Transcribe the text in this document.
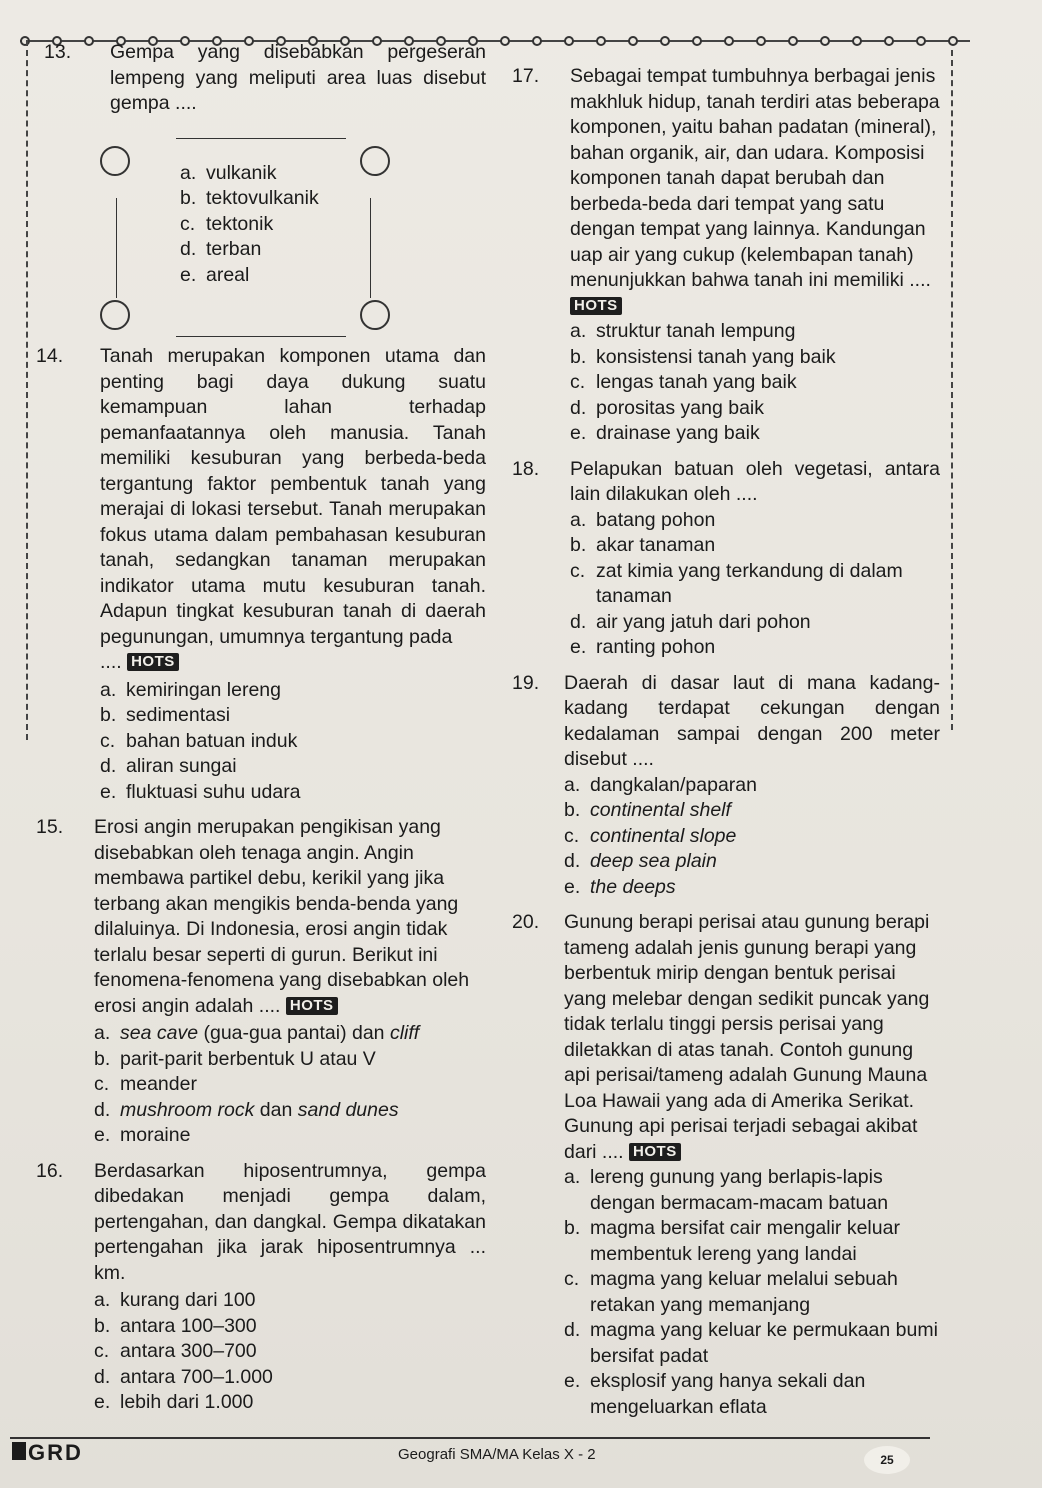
13.	Gempa yang disebabkan pergeseran lempeng yang meliputi area luas disebut gempa ....
a. vulkanik
b. tektovulkanik
c. tektonik
d. terban
e. areal
14. Tanah merupakan komponen utama dan penting bagi daya dukung suatu kemampuan lahan terhadap pemanfaatannya oleh manusia. Tanah memiliki kesuburan yang berbeda-beda tergantung faktor pembentuk tanah yang merajai di lokasi tersebut. Tanah merupakan fokus utama dalam pembahasan kesuburan tanah, sedangkan tanaman merupakan indikator utama mutu kesuburan tanah. Adapun tingkat kesuburan tanah di daerah pegunungan, umumnya tergantung pada
.... HOTS
a. kemiringan lereng
b. sedimentasi
c. bahan batuan induk
d. aliran sungai
e. fluktuasi suhu udara
15.	Erosi angin merupakan pengikisan yang disebabkan oleh tenaga angin. Angin membawa partikel debu, kerikil yang jika terbang akan mengikis benda-benda yang dilaluinya. Di Indonesia, erosi angin tidak terlalu besar seperti di gurun. Berikut ini fenomena-fenomena yang disebabkan oleh erosi angin adalah .... HOTS
a. sea cave (gua-gua pantai) dan cliff
b. parit-parit berbentuk U atau V
c. meander
d. mushroom rock dan sand dunes
e. moraine
16. Berdasarkan hiposentrumnya, gempa dibedakan menjadi gempa dalam, pertengahan, dan dangkal. Gempa dikatakan pertengahan jika jarak hiposentrumnya ... km.
a. kurang dari 100
b. antara 100–300
c. antara 300–700
d. antara 700–1.000
e. lebih dari 1.000
17.	Sebagai tempat tumbuhnya berbagai jenis makhluk hidup, tanah terdiri atas beberapa komponen, yaitu bahan padatan (mineral), bahan organik, air, dan udara. Komposisi komponen tanah dapat berubah dan berbeda-beda dari tempat yang satu dengan tempat yang lainnya. Kandungan uap air yang cukup (kelembapan tanah) menunjukkan bahwa tanah ini memiliki .... HOTS
a. struktur tanah lempung
b. konsistensi tanah yang baik
c. lengas tanah yang baik
d. porositas yang baik
e. drainase yang baik
18. Pelapukan batuan oleh vegetasi, antara lain dilakukan oleh ....
a. batang pohon
b. akar tanaman
c. zat kimia yang terkandung di dalam tanaman
d. air yang jatuh dari pohon
e. ranting pohon
19. Daerah di dasar laut di mana kadang-kadang terdapat cekungan dengan kedalaman sampai dengan 200 meter disebut ....
a. dangkalan/paparan
b. continental shelf
c. continental slope
d. deep sea plain
e. the deeps
20.	Gunung berapi perisai atau gunung berapi tameng adalah jenis gunung berapi yang berbentuk mirip dengan bentuk perisai yang melebar dengan sedikit puncak yang tidak terlalu tinggi persis perisai yang diletakkan di atas tanah. Contoh gunung api perisai/tameng adalah Gunung Mauna Loa Hawaii yang ada di Amerika Serikat. Gunung api perisai terjadi sebagai akibat dari .... HOTS
a. lereng gunung yang berlapis-lapis dengan bermacam-macam batuan
b. magma bersifat cair mengalir keluar membentuk lereng yang landai
c. magma yang keluar melalui sebuah retakan yang memanjang
d. magma yang keluar ke permukaan bumi bersifat padat
e. eksplosif yang hanya sekali dan mengeluarkan eflata
GRD	Geografi SMA/MA Kelas X - 2	25
